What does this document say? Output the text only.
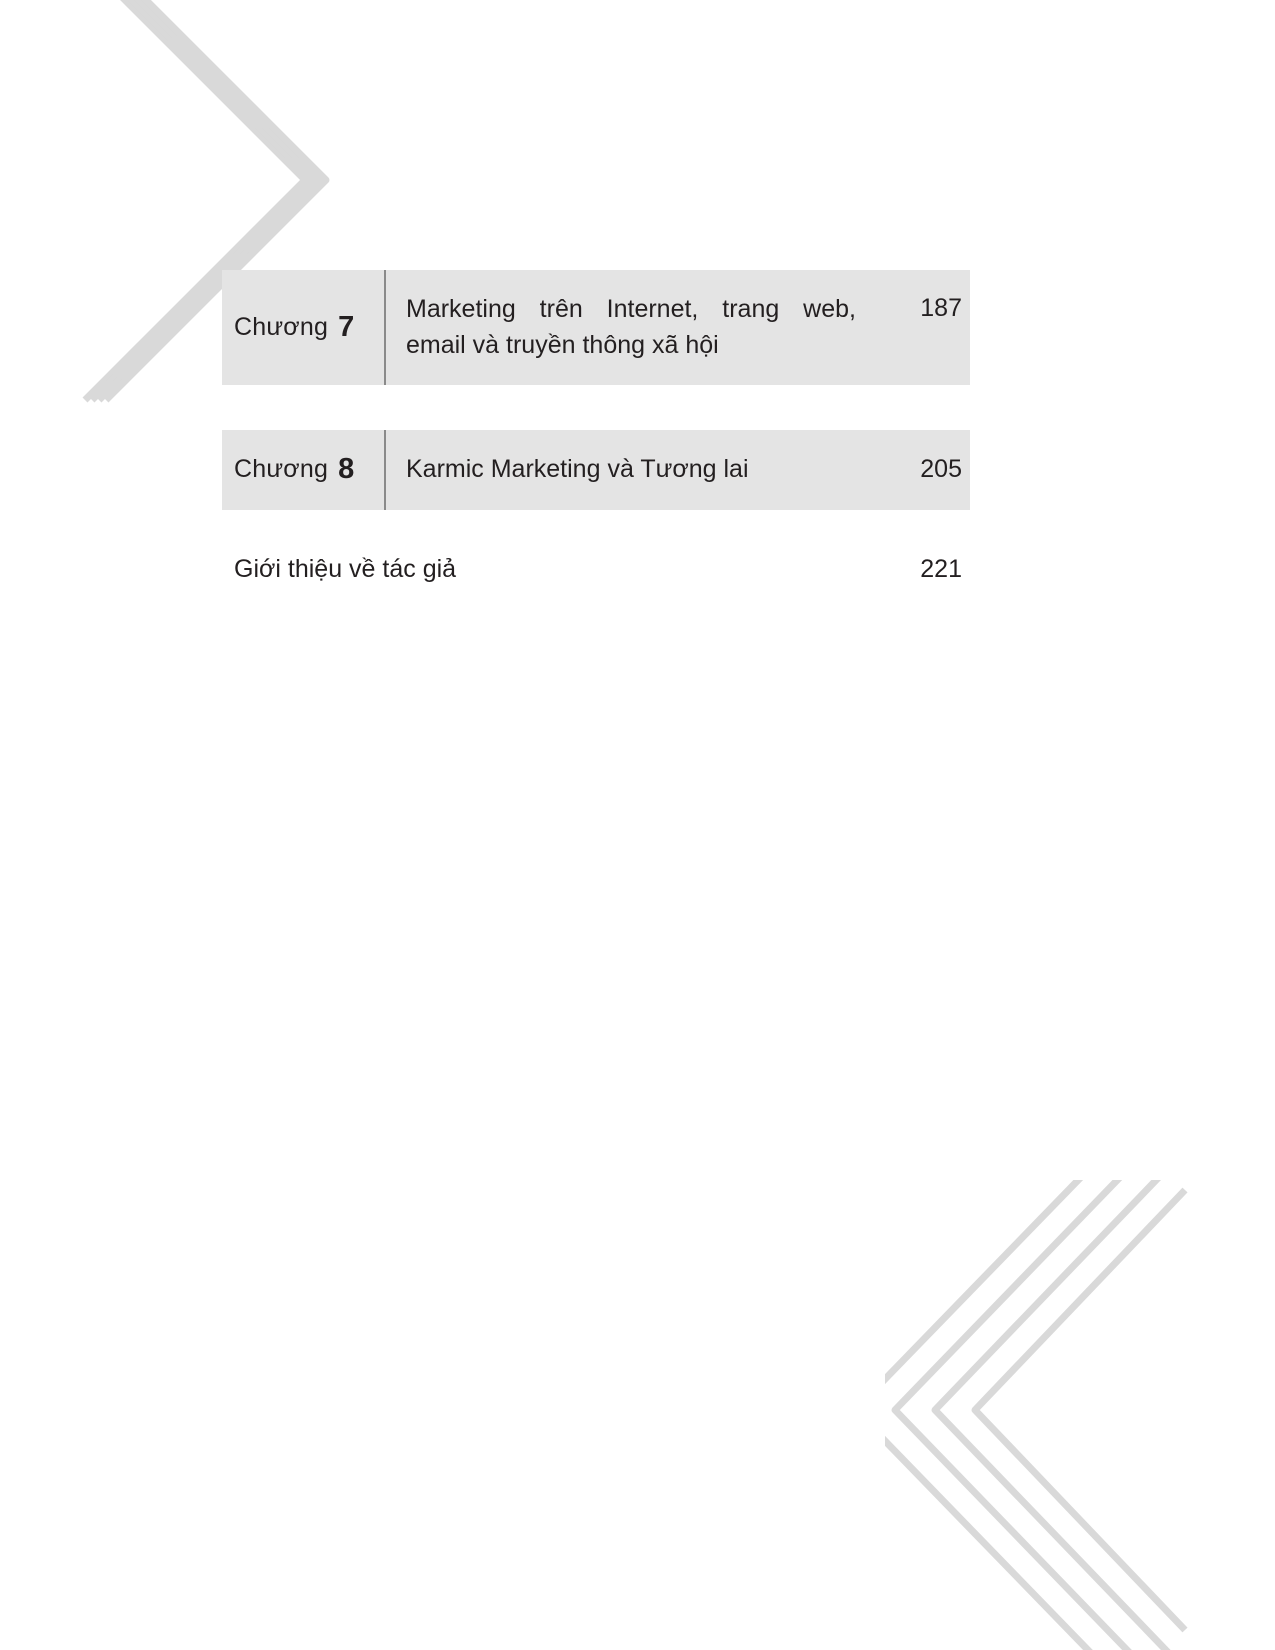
Chương 7
Marketing trên Internet, trang web,
email và truyền thông xã hội
187
Chương 8 Karmic Marketing và Tương lai	205
Giới thiệu về tác giả	221
